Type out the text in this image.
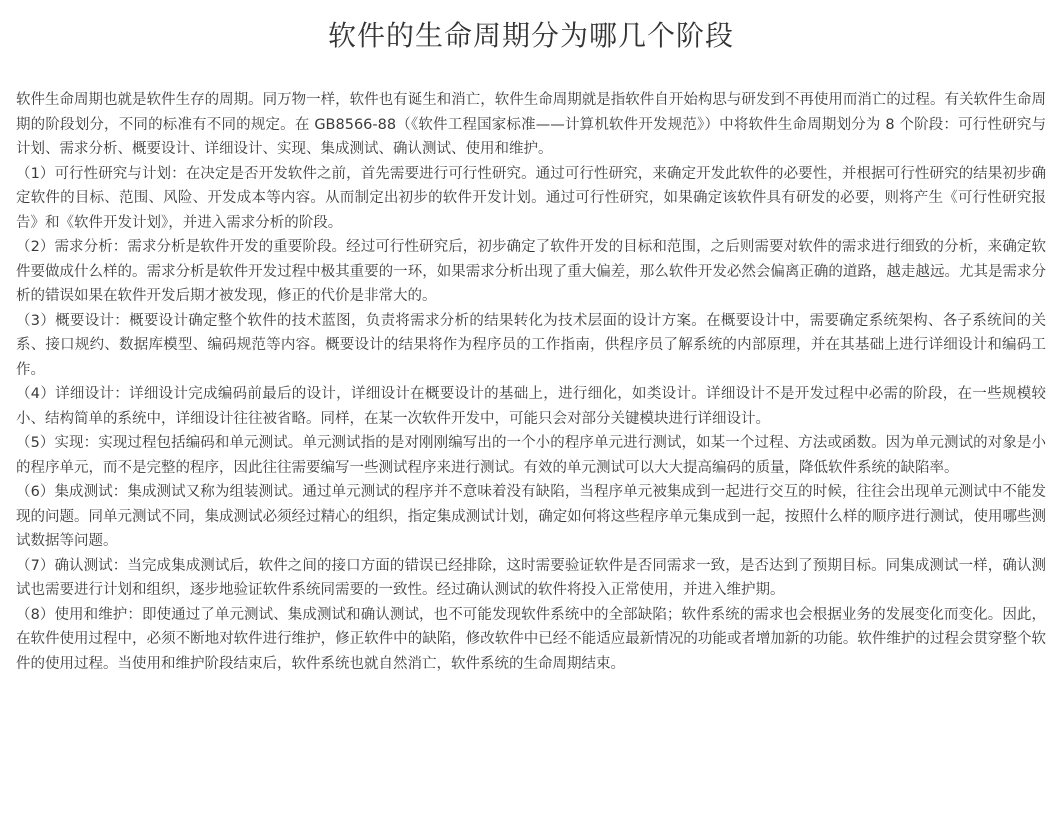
软件的生命周期分为哪几个阶段

软件生命周期也就是软件生存的周期。同万物一样，软件也有诞生和消亡，软件生命周期就是指软件自开始构思与研发到不再使用而消亡的过程。有关软件生命周期的阶段划分，不同的标准有不同的规定。在 GB8566-88（《软件工程国家标准——计算机软件开发规范》）中将软件生命周期划分为 8 个阶段：可行性研究与计划、需求分析、概要设计、详细设计、实现、集成测试、确认测试、使用和维护。

（1）可行性研究与计划：在决定是否开发软件之前，首先需要进行可行性研究。通过可行性研究，来确定开发此软件的必要性，并根据可行性研究的结果初步确定软件的目标、范围、风险、开发成本等内容。从而制定出初步的软件开发计划。通过可行性研究，如果确定该软件具有研发的必要，则将产生《可行性研究报告》和《软件开发计划》，并进入需求分析的阶段。

（2）需求分析：需求分析是软件开发的重要阶段。经过可行性研究后，初步确定了软件开发的目标和范围，之后则需要对软件的需求进行细致的分析，来确定软件要做成什么样的。需求分析是软件开发过程中极其重要的一环，如果需求分析出现了重大偏差，那么软件开发必然会偏离正确的道路，越走越远。尤其是需求分析的错误如果在软件开发后期才被发现，修正的代价是非常大的。

（3）概要设计：概要设计确定整个软件的技术蓝图，负责将需求分析的结果转化为技术层面的设计方案。在概要设计中，需要确定系统架构、各子系统间的关系、接口规约、数据库模型、编码规范等内容。概要设计的结果将作为程序员的工作指南，供程序员了解系统的内部原理，并在其基础上进行详细设计和编码工作。

（4）详细设计：详细设计完成编码前最后的设计，详细设计在概要设计的基础上，进行细化，如类设计。详细设计不是开发过程中必需的阶段，在一些规模较小、结构简单的系统中，详细设计往往被省略。同样，在某一次软件开发中，可能只会对部分关键模块进行详细设计。

（5）实现：实现过程包括编码和单元测试。单元测试指的是对刚刚编写出的一个小的程序单元进行测试，如某一个过程、方法或函数。因为单元测试的对象是小的程序单元，而不是完整的程序，因此往往需要编写一些测试程序来进行测试。有效的单元测试可以大大提高编码的质量，降低软件系统的缺陷率。

（6）集成测试：集成测试又称为组装测试。通过单元测试的程序并不意味着没有缺陷，当程序单元被集成到一起进行交互的时候，往往会出现单元测试中不能发现的问题。同单元测试不同，集成测试必须经过精心的组织，指定集成测试计划，确定如何将这些程序单元集成到一起，按照什么样的顺序进行测试，使用哪些测试数据等问题。

（7）确认测试：当完成集成测试后，软件之间的接口方面的错误已经排除，这时需要验证软件是否同需求一致，是否达到了预期目标。同集成测试一样，确认测试也需要进行计划和组织，逐步地验证软件系统同需要的一致性。经过确认测试的软件将投入正常使用，并进入维护期。

（8）使用和维护：即使通过了单元测试、集成测试和确认测试，也不可能发现软件系统中的全部缺陷；软件系统的需求也会根据业务的发展变化而变化。因此，在软件使用过程中，必须不断地对软件进行维护，修正软件中的缺陷，修改软件中已经不能适应最新情况的功能或者增加新的功能。软件维护的过程会贯穿整个软件的使用过程。当使用和维护阶段结束后，软件系统也就自然消亡，软件系统的生命周期结束。
